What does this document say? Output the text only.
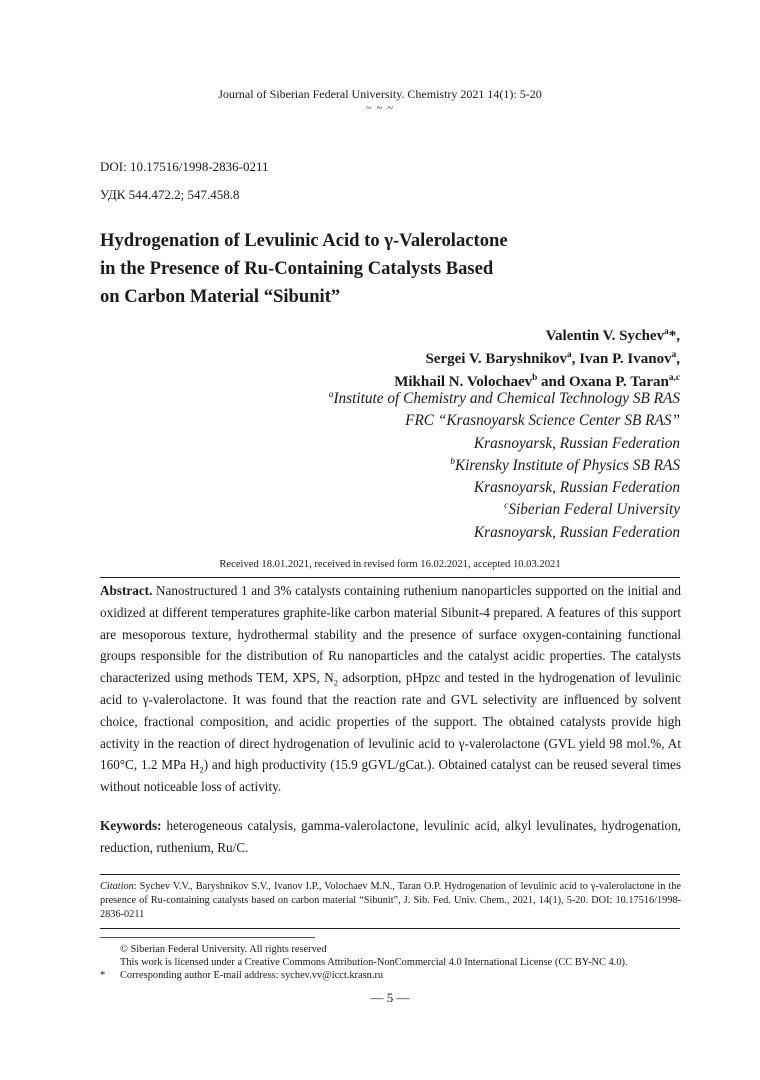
Journal of Siberian Federal University. Chemistry 2021 14(1): 5-20
~ ~ ~
DOI: 10.17516/1998-2836-0211
УДК 544.472.2; 547.458.8
Hydrogenation of Levulinic Acid to γ-Valerolactone
in the Presence of Ru-Containing Catalysts Based
on Carbon Material “Sibunit”
Valentin V. Sychev$^a$*,
Sergei V. Baryshnikov$^a$, Ivan P. Ivanov$^a$,
Mikhail N. Volochaev$^b$ and Oxana P. Taran$^{a,c}$
$^a$Institute of Chemistry and Chemical Technology SB RAS
FRC “Krasnoyarsk Science Center SB RAS”
Krasnoyarsk, Russian Federation
$^b$Kirensky Institute of Physics SB RAS
Krasnoyarsk, Russian Federation
$^c$Siberian Federal University
Krasnoyarsk, Russian Federation
Received 18.01.2021, received in revised form 16.02.2021, accepted 10.03.2021
Abstract. Nanostructured 1 and 3% catalysts containing ruthenium nanoparticles supported on the initial and oxidized at different temperatures graphite-like carbon material Sibunit-4 prepared. A features of this support are mesoporous texture, hydrothermal stability and the presence of surface oxygen-containing functional groups responsible for the distribution of Ru nanoparticles and the catalyst acidic properties. The catalysts characterized using methods TEM, XPS, $N_2$ adsorption, pHpzc and tested in the hydrogenation of levulinic acid to γ-valerolactone. It was found that the reaction rate and GVL selectivity are influenced by solvent choice, fractional composition, and acidic properties of the support. The obtained catalysts provide high activity in the reaction of direct hydrogenation of levulinic acid to γ-valerolactone (GVL yield 98 mol.%, At 160°C, 1.2 MPa $H_2$) and high productivity (15.9 gGVL/gCat.). Obtained catalyst can be reused several times without noticeable loss of activity.
Keywords: heterogeneous catalysis, gamma-valerolactone, levulinic acid, alkyl levulinates, hydrogenation, reduction, ruthenium, Ru/C.
Citation: Sychev V.V., Baryshnikov S.V., Ivanov I.P., Volochaev M.N., Taran O.P. Hydrogenation of levulinic acid to γ-valerolactone in the presence of Ru-containing catalysts based on carbon material “Sibunit”, J. Sib. Fed. Univ. Chem., 2021, 14(1), 5-20. DOI: 10.17516/1998-2836-0211
© Siberian Federal University. All rights reserved
This work is licensed under a Creative Commons Attribution-NonCommercial 4.0 International License (CC BY-NC 4.0).
* Corresponding author E-mail address: sychev.vv@icct.krasn.ru
— 5 —
